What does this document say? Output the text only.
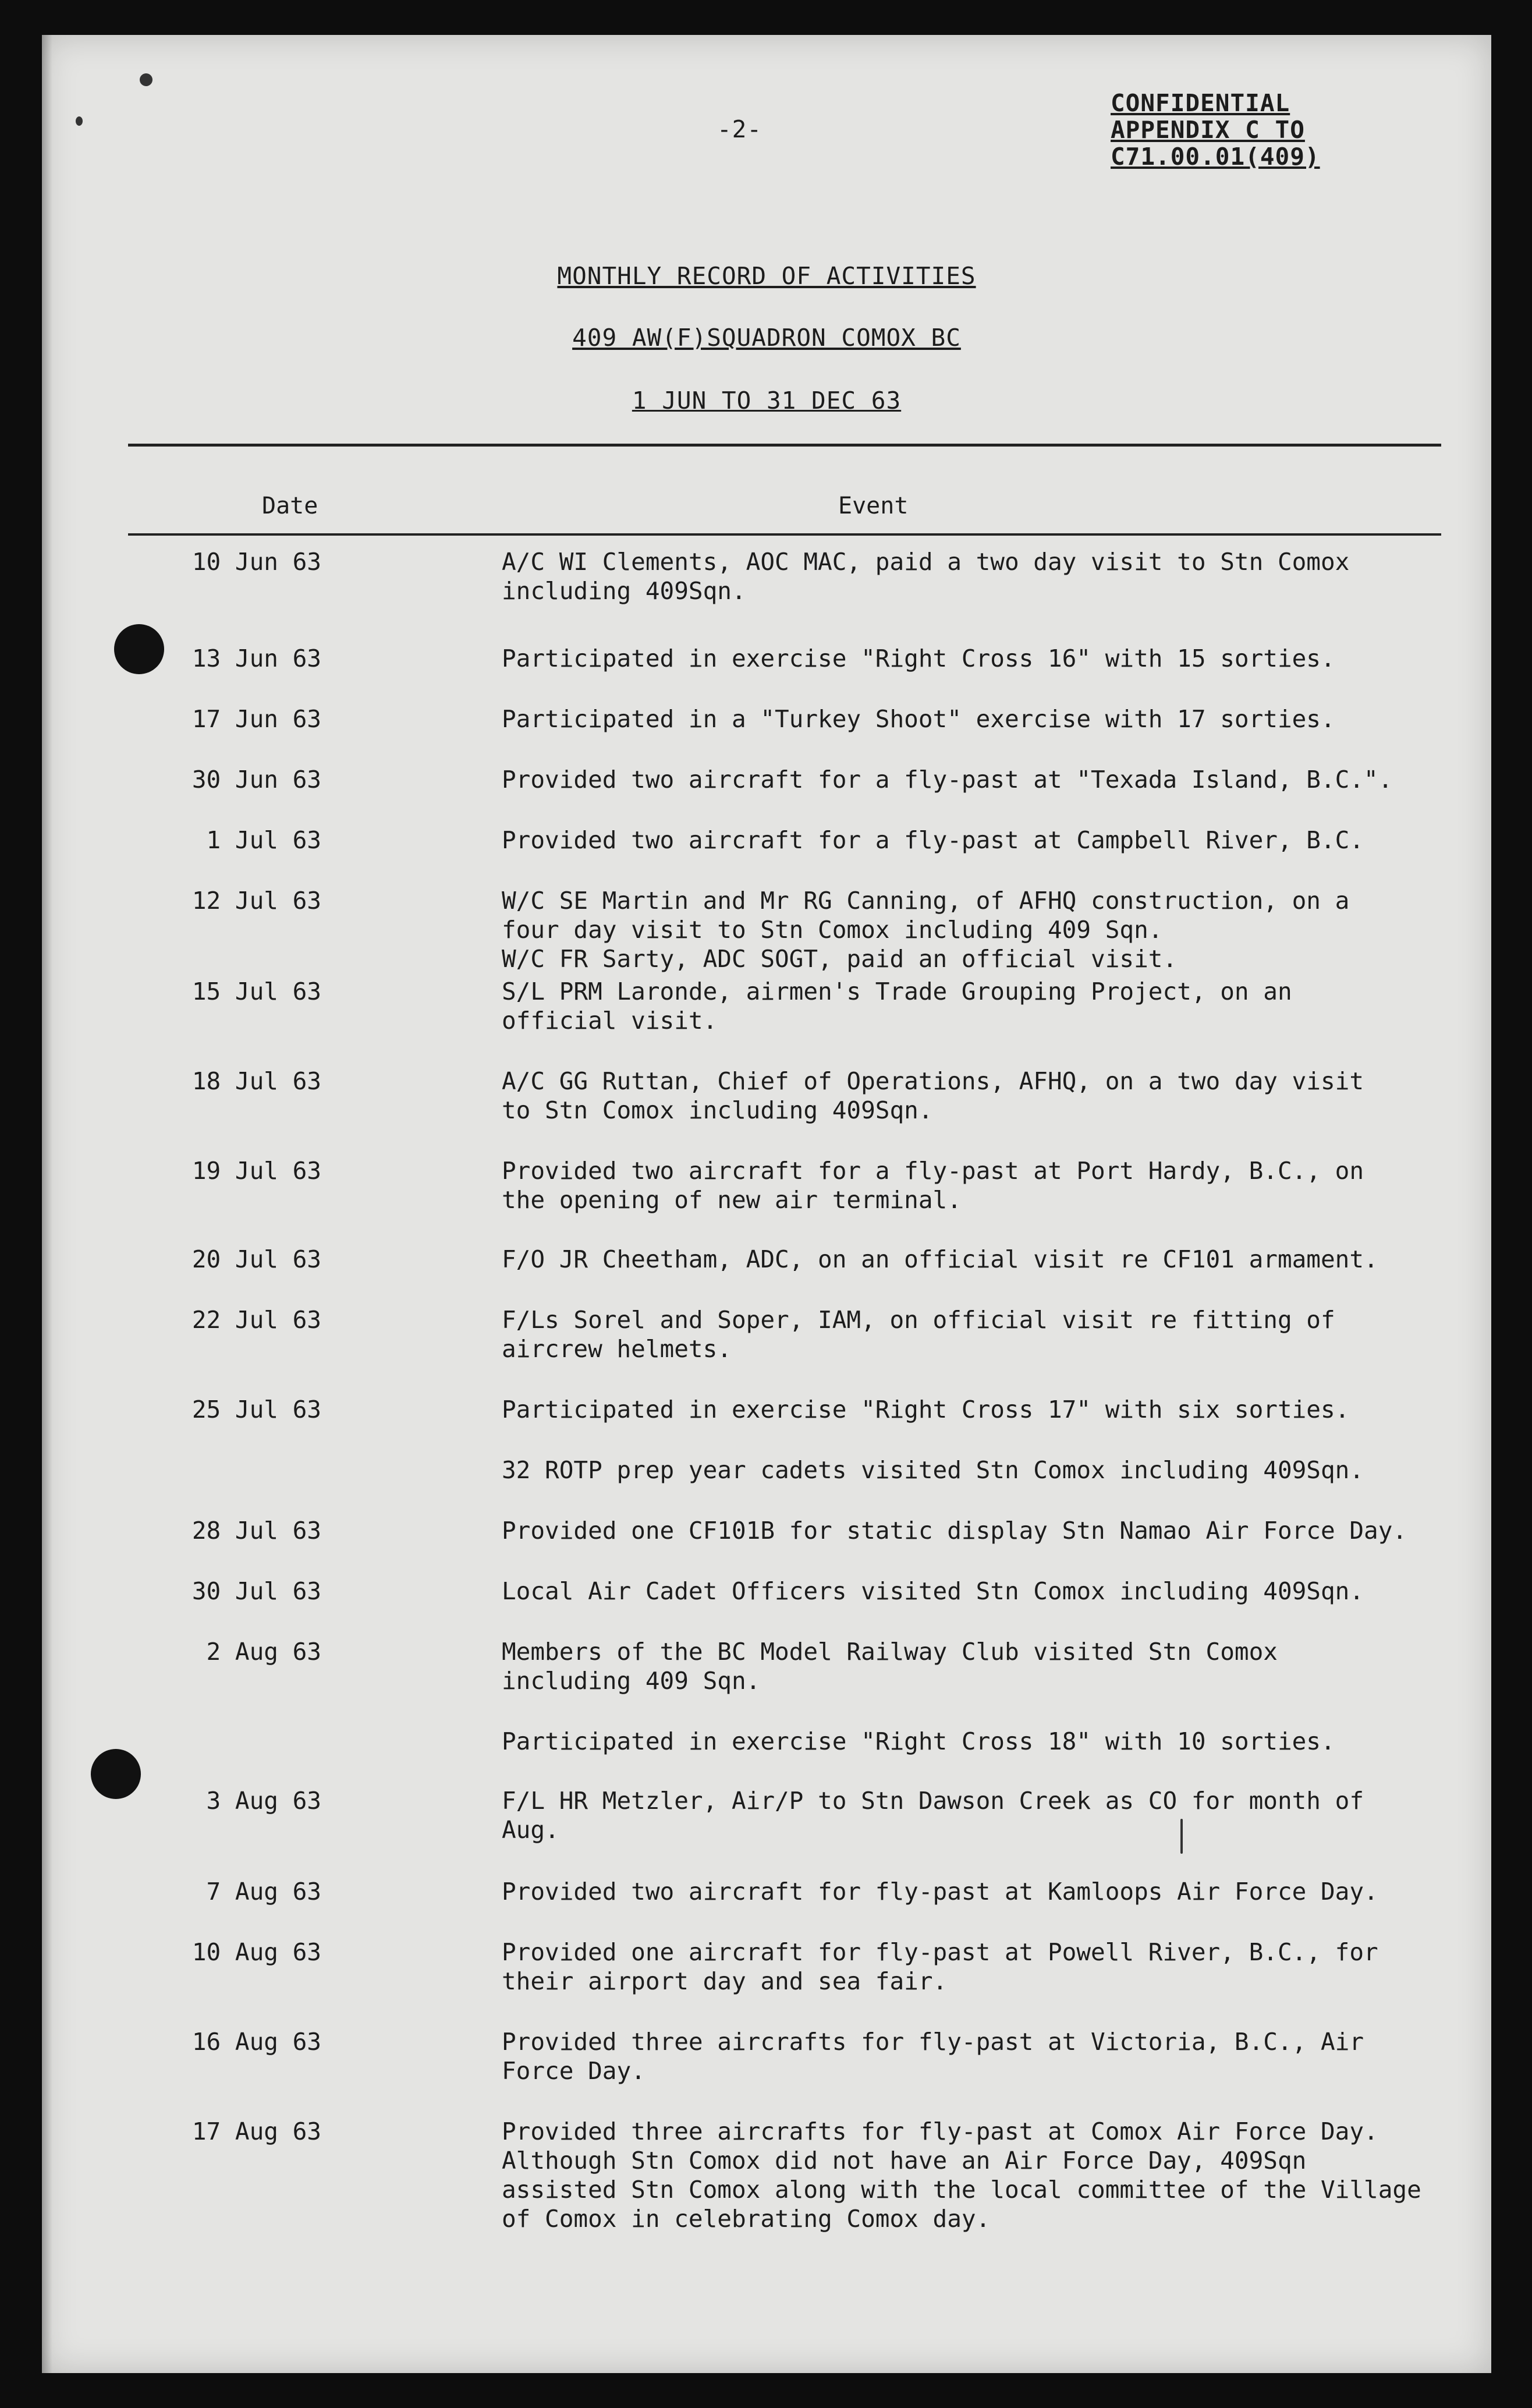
-2-
CONFIDENTIAL
APPENDIX C TO
C71.00.01(409)
MONTHLY RECORD OF ACTIVITIES
409 AW(F)SQUADRON COMOX BC
1 JUN TO 31 DEC 63
Date	Event
10 Jun 63	A/C WI Clements, AOC MAC, paid a two day visit to Stn Comox
including 409Sqn.
13 Jun 63	Participated in exercise "Right Cross 16" with 15 sorties.
17 Jun 63	Participated in a "Turkey Shoot" exercise with 17 sorties.
30 Jun 63	Provided two aircraft for a fly-past at "Texada Island, B.C.".
1 Jul 63	Provided two aircraft for a fly-past at Campbell River, B.C.
12 Jul 63	W/C SE Martin and Mr RG Canning, of AFHQ construction, on a
four day visit to Stn Comox including 409 Sqn.
W/C FR Sarty, ADC SOGT, paid an official visit.
15 Jul 63	S/L PRM Laronde, airmen's Trade Grouping Project, on an
official visit.
18 Jul 63	A/C GG Ruttan, Chief of Operations, AFHQ, on a two day visit
to Stn Comox including 409Sqn.
19 Jul 63	Provided two aircraft for a fly-past at Port Hardy, B.C., on
the opening of new air terminal.
20 Jul 63	F/O JR Cheetham, ADC, on an official visit re CF101 armament.
22 Jul 63	F/Ls Sorel and Soper, IAM, on official visit re fitting of
aircrew helmets.
25 Jul 63	Participated in exercise "Right Cross 17" with six sorties.
32 ROTP prep year cadets visited Stn Comox including 409Sqn.
28 Jul 63	Provided one CF101B for static display Stn Namao Air Force Day.
30 Jul 63	Local Air Cadet Officers visited Stn Comox including 409Sqn.
2 Aug 63	Members of the BC Model Railway Club visited Stn Comox
including 409 Sqn.
Participated in exercise "Right Cross 18" with 10 sorties.
3 Aug 63	F/L HR Metzler, Air/P to Stn Dawson Creek as CO for month of
Aug.
7 Aug 63	Provided two aircraft for fly-past at Kamloops Air Force Day.
10 Aug 63	Provided one aircraft for fly-past at Powell River, B.C., for
their airport day and sea fair.
16 Aug 63	Provided three aircrafts for fly-past at Victoria, B.C., Air
Force Day.
17 Aug 63	Provided three aircrafts for fly-past at Comox Air Force Day.
Although Stn Comox did not have an Air Force Day, 409Sqn
assisted Stn Comox along with the local committee of the Village
of Comox in celebrating Comox day.
